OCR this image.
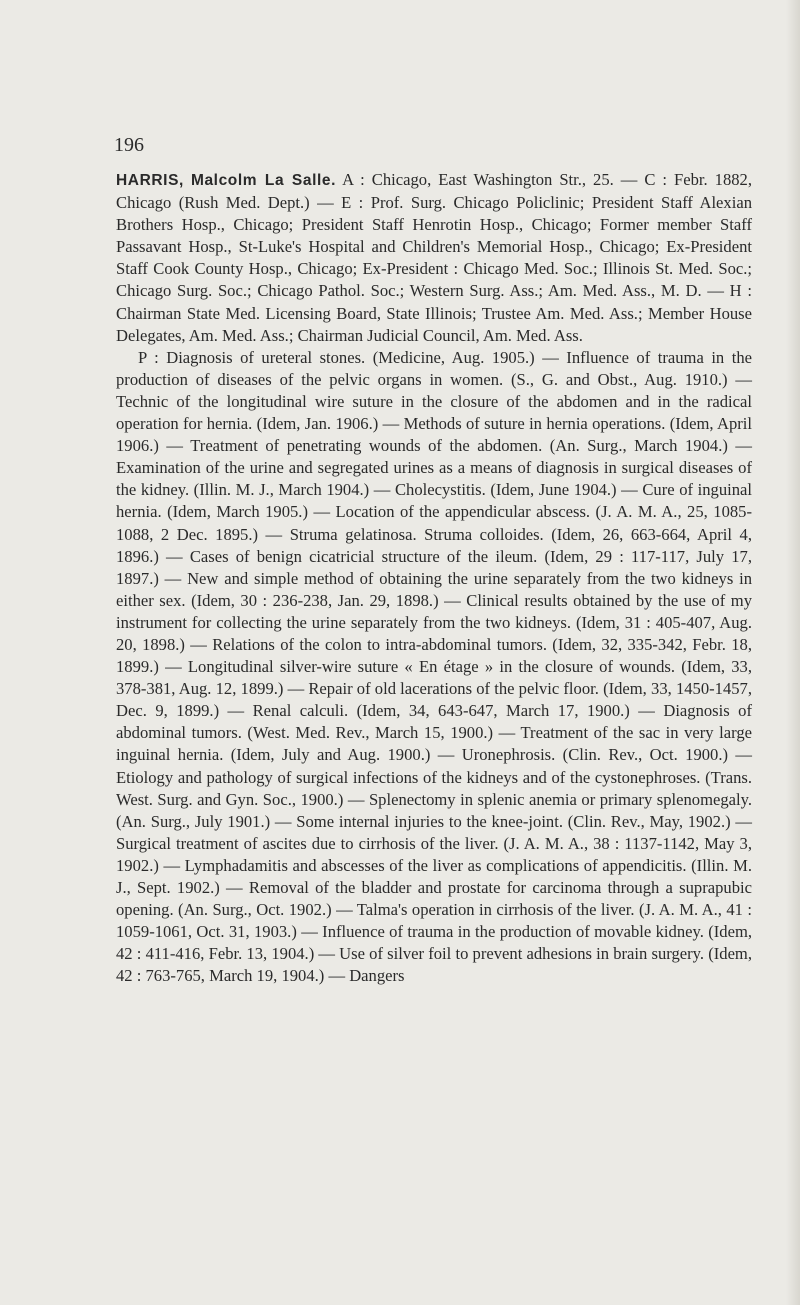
196

HARRIS, Malcolm La Salle. A : Chicago, East Washington Str., 25. — C : Febr. 1882, Chicago (Rush Med. Dept.) — E : Prof. Surg. Chicago Policlinic; President Staff Alexian Brothers Hosp., Chicago; President Staff Henrotin Hosp., Chicago; Former member Staff Passavant Hosp., St-Luke's Hospital and Children's Memorial Hosp., Chicago; Ex-President Staff Cook County Hosp., Chicago; Ex-President : Chicago Med. Soc.; Illinois St. Med. Soc.; Chicago Surg. Soc.; Chicago Pathol. Soc.; Western Surg. Ass.; Am. Med. Ass., M. D. — H : Chairman State Med. Licensing Board, State Illinois; Trustee Am. Med. Ass.; Member House Delegates, Am. Med. Ass.; Chairman Judicial Council, Am. Med. Ass.

P : Diagnosis of ureteral stones. (Medicine, Aug. 1905.) — Influence of trauma in the production of diseases of the pelvic organs in women. (S., G. and Obst., Aug. 1910.) — Technic of the longitudinal wire suture in the closure of the abdomen and in the radical operation for hernia. (Idem, Jan. 1906.) — Methods of suture in hernia operations. (Idem, April 1906.) — Treatment of penetrating wounds of the abdomen. (An. Surg., March 1904.) — Examination of the urine and segregated urines as a means of diagnosis in surgical diseases of the kidney. (Illin. M. J., March 1904.) — Cholecystitis. (Idem, June 1904.) — Cure of inguinal hernia. (Idem, March 1905.) — Location of the appendicular abscess. (J. A. M. A., 25, 1085-1088, 2 Dec. 1895.) — Struma gelatinosa. Struma colloides. (Idem, 26, 663-664, April 4, 1896.) — Cases of benign cicatricial structure of the ileum. (Idem, 29 : 117-117, July 17, 1897.) — New and simple method of obtaining the urine separately from the two kidneys in either sex. (Idem, 30 : 236-238, Jan. 29, 1898.) — Clinical results obtained by the use of my instrument for collecting the urine separately from the two kidneys. (Idem, 31 : 405-407, Aug. 20, 1898.) — Relations of the colon to intra-abdominal tumors. (Idem, 32, 335-342, Febr. 18, 1899.) — Longitudinal silver-wire suture « En étage » in the closure of wounds. (Idem, 33, 378-381, Aug. 12, 1899.) — Repair of old lacerations of the pelvic floor. (Idem, 33, 1450-1457, Dec. 9, 1899.) — Renal calculi. (Idem, 34, 643-647, March 17, 1900.) — Diagnosis of abdominal tumors. (West. Med. Rev., March 15, 1900.) — Treatment of the sac in very large inguinal hernia. (Idem, July and Aug. 1900.) — Uronephrosis. (Clin. Rev., Oct. 1900.) — Etiology and pathology of surgical infections of the kidneys and of the cystonephroses. (Trans. West. Surg. and Gyn. Soc., 1900.) — Splenectomy in splenic anemia or primary splenomegaly. (An. Surg., July 1901.) — Some internal injuries to the knee-joint. (Clin. Rev., May, 1902.) — Surgical treatment of ascites due to cirrhosis of the liver. (J. A. M. A., 38 : 1137-1142, May 3, 1902.) — Lymphadamitis and abscesses of the liver as complications of appendicitis. (Illin. M. J., Sept. 1902.) — Removal of the bladder and prostate for carcinoma through a suprapubic opening. (An. Surg., Oct. 1902.) — Talma's operation in cirrhosis of the liver. (J. A. M. A., 41 : 1059-1061, Oct. 31, 1903.) — Influence of trauma in the production of movable kidney. (Idem, 42 : 411-416, Febr. 13, 1904.) — Use of silver foil to prevent adhesions in brain surgery. (Idem, 42 : 763-765, March 19, 1904.) — Dangers
